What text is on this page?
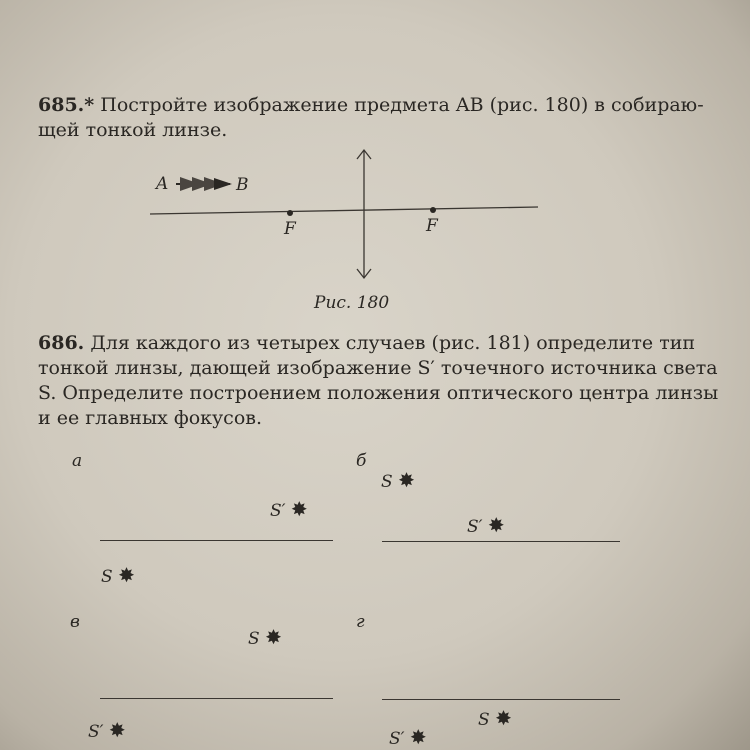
685.* Постройте изображение предмета AB (рис. 180) в собираю-

щей тонкой линзе.

A	B
F	F
Рис. 180

686. Для каждого из четырех случаев (рис. 181) определите тип

тонкой линзы, дающей изображение S′ точечного источника света

S. Определите построением положения оптического центра линзы

и ее главных фокусов.

а
S′ ✸
S ✸
б
S ✸
S′ ✸
в
S ✸
S′ ✸
г
S ✸
S′ ✸
